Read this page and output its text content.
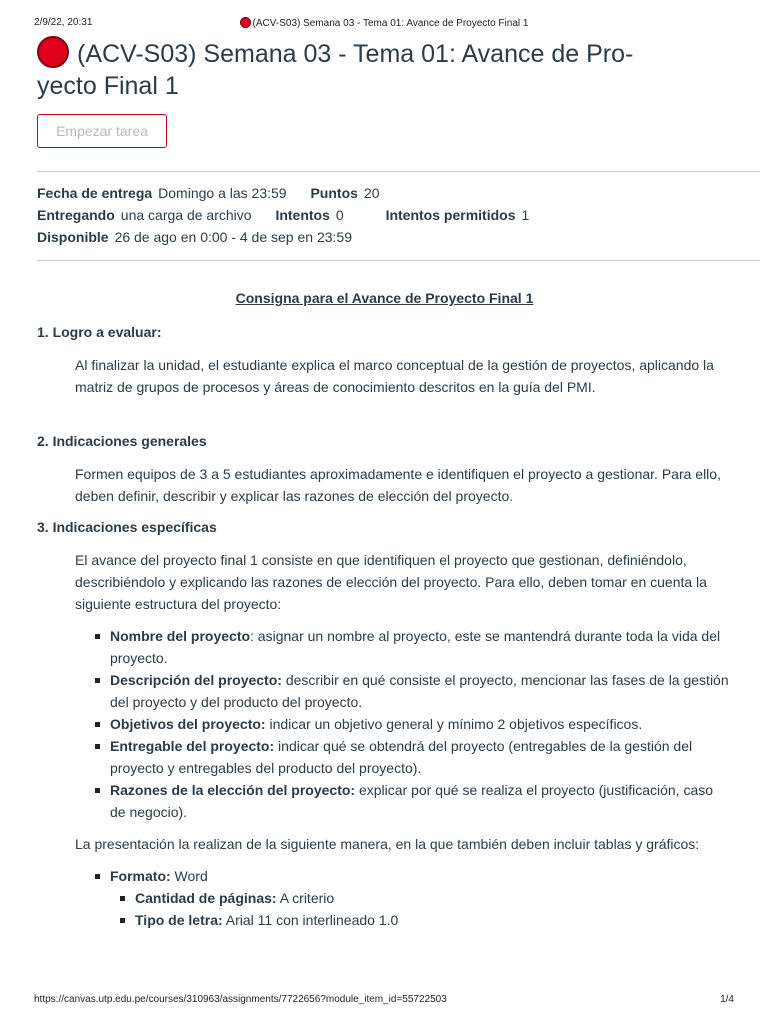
2/9/22, 20:31	(ACV-S03) Semana 03 - Tema 01: Avance de Proyecto Final 1
(ACV-S03) Semana 03 - Tema 01: Avance de Pro-
yecto Final 1
Empezar tarea
Fecha de entrega Domingo a las 23:59 Puntos 20
Entregando una carga de archivo Intentos 0	Intentos permitidos 1
Disponible 26 de ago en 0:00 - 4 de sep en 23:59

Consigna para el Avance de Proyecto Final 1

1. Logro a evaluar:

Al finalizar la unidad, el estudiante explica el marco conceptual de la gestión de proyectos, aplicando la matriz de grupos de procesos y áreas de conocimiento descritos en la guía del PMI.

2. Indicaciones generales

Formen equipos de 3 a 5 estudiantes aproximadamente e identifiquen el proyecto a gestionar. Para ello, deben definir, describir y explicar las razones de elección del proyecto.

3. Indicaciones específicas

El avance del proyecto final 1 consiste en que identifiquen el proyecto que gestionan, definiéndolo, describiéndolo y explicando las razones de elección del proyecto. Para ello, deben tomar en cuenta la siguiente estructura del proyecto:

Nombre del proyecto: asignar un nombre al proyecto, este se mantendrá durante toda la vida del proyecto.
Descripción del proyecto: describir en qué consiste el proyecto, mencionar las fases de la gestión del proyecto y del producto del proyecto.
Objetivos del proyecto: indicar un objetivo general y mínimo 2 objetivos específicos.
Entregable del proyecto: indicar qué se obtendrá del proyecto (entregables de la gestión del proyecto y entregables del producto del proyecto).
Razones de la elección del proyecto: explicar por qué se realiza el proyecto (justificación, caso de negocio).

La presentación la realizan de la siguiente manera, en la que también deben incluir tablas y gráficos:

Formato: Word
Cantidad de páginas: A criterio
Tipo de letra: Arial 11 con interlineado 1.0
https://canvas.utp.edu.pe/courses/310963/assignments/7722656?module_item_id=55722503	1/4
